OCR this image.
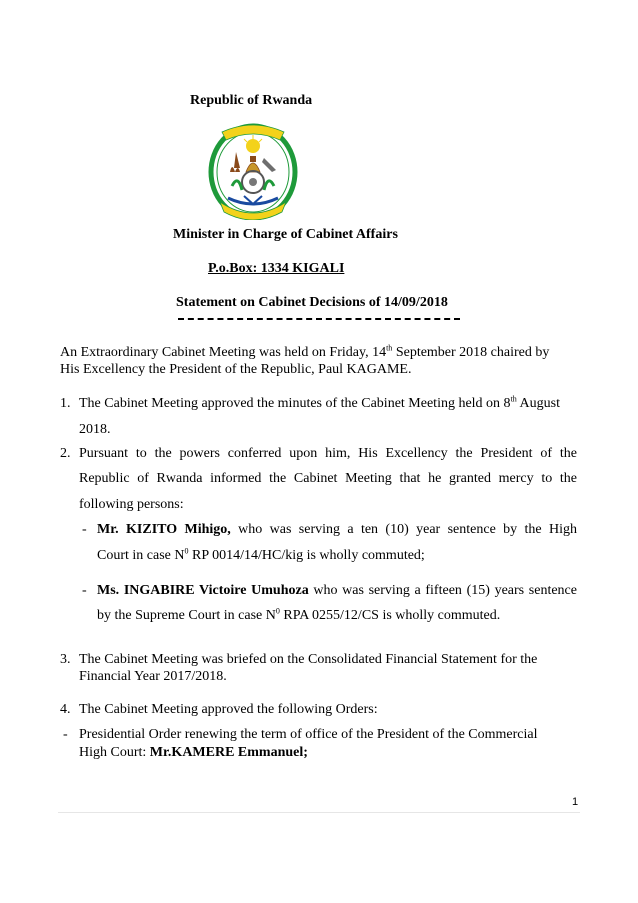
Republic of Rwanda
Minister in Charge of Cabinet Affairs
P.o.Box: 1334 KIGALI
Statement on Cabinet Decisions of 14/09/2018
An Extraordinary Cabinet Meeting was held on Friday, 14th September 2018 chaired by
His Excellency the President of the Republic, Paul KAGAME.
1. The Cabinet Meeting approved the minutes of the Cabinet Meeting held on 8th August
2018.
2. Pursuant to the powers conferred upon him, His Excellency the President of the
Republic of Rwanda informed the Cabinet Meeting that he granted mercy to the
following persons:
- Mr. KIZITO Mihigo, who was serving a ten (10) year sentence by the High
Court in case $N^0$ RP 0014/14/HC/kig is wholly commuted;
- Ms. INGABIRE Victoire Umuhoza who was serving a fifteen (15) years sentence
by the Supreme Court in case $N^0$ RPA 0255/12/CS is wholly commuted.
3. The Cabinet Meeting was briefed on the Consolidated Financial Statement for the
Financial Year 2017/2018.
4. The Cabinet Meeting approved the following Orders:
- Presidential Order renewing the term of office of the President of the Commercial
High Court: Mr.KAMERE Emmanuel;
1
